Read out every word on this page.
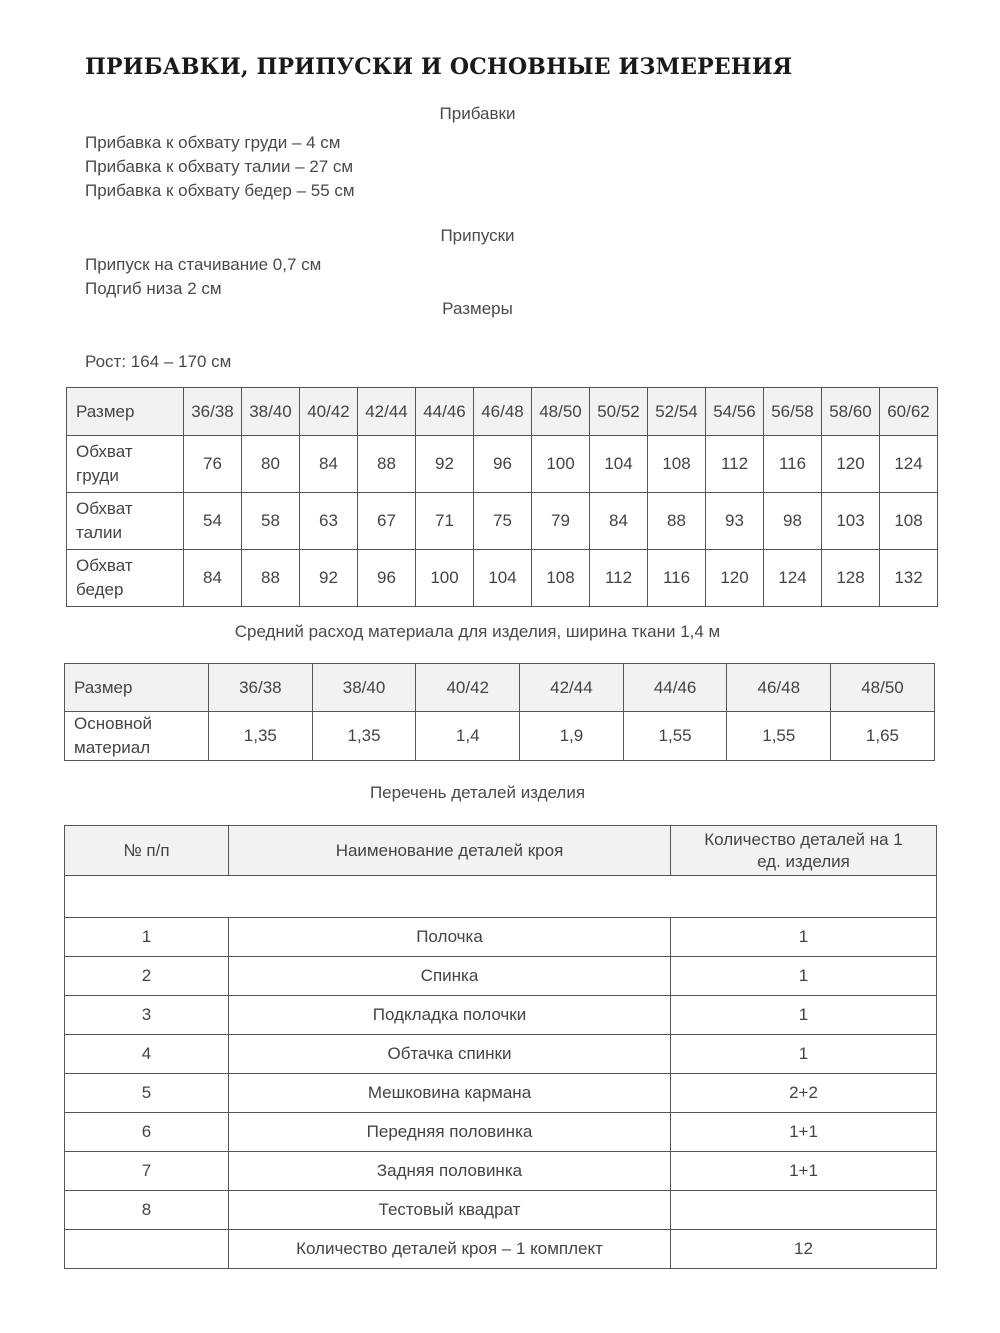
ПРИБАВКИ, ПРИПУСКИ И ОСНОВНЫЕ ИЗМЕРЕНИЯ
Прибавки
Прибавка к обхвату груди – 4 см
Прибавка к обхвату талии – 27 см
Прибавка к обхвату бедер – 55 см
Припуски
Припуск на стачивание 0,7 см
Подгиб низа 2 см
Размеры
Рост: 164 – 170 см
Размер	36/38	38/40	40/42	42/44	44/46	46/48	48/50	50/52	52/54	54/56	56/58	58/60	60/62
Обхват
груди	76	80	84	88	92	96	100	104	108	112	116	120	124
Обхват
талии	54	58	63	67	71	75	79	84	88	93	98	103	108
Обхват
бедер	84	88	92	96	100	104	108	112	116	120	124	128	132
Средний расход материала для изделия, ширина ткани 1,4 м
Размер	36/38	38/40	40/42	42/44	44/46	46/48	48/50
Основной
материал	1,35	1,35	1,4	1,9	1,55	1,55	1,65
Перечень деталей изделия
№ п/п	Наименование деталей кроя	Количество деталей на 1
ед. изделия

1	Полочка	1
2	Спинка	1
3	Подкладка полочки	1
4	Обтачка спинки	1
5	Мешковина кармана	2+2
6	Передняя половинка	1+1
7	Задняя половинка	1+1
8	Тестовый квадрат	
	Количество деталей кроя – 1 комплект	12
